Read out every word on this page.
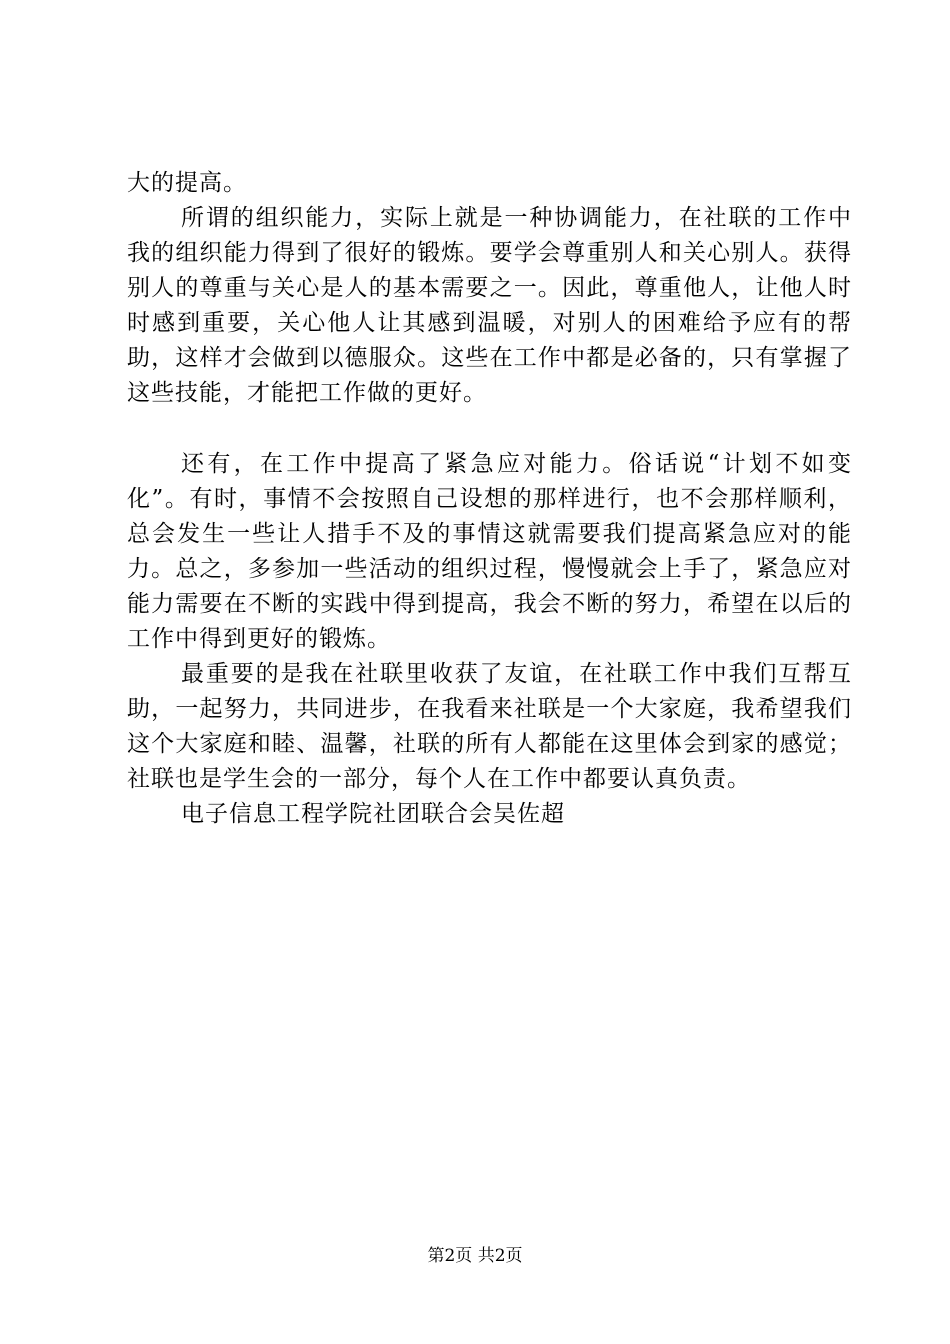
大的提高。

所谓的组织能力，实际上就是一种协调能力，在社联的工作中我的组织能力得到了很好的锻炼。要学会尊重别人和关心别人。获得别人的尊重与关心是人的基本需要之一。因此，尊重他人，让他人时时感到重要，关心他人让其感到温暖，对别人的困难给予应有的帮助，这样才会做到以德服众。这些在工作中都是必备的，只有掌握了这些技能，才能把工作做的更好。

还有，在工作中提高了紧急应对能力。俗话说“计划不如变化”。有时，事情不会按照自己设想的那样进行，也不会那样顺利，总会发生一些让人措手不及的事情这就需要我们提高紧急应对的能力。总之，多参加一些活动的组织过程，慢慢就会上手了，紧急应对能力需要在不断的实践中得到提高，我会不断的努力，希望在以后的工作中得到更好的锻炼。

最重要的是我在社联里收获了友谊，在社联工作中我们互帮互助，一起努力，共同进步，在我看来社联是一个大家庭，我希望我们这个大家庭和睦、温馨，社联的所有人都能在这里体会到家的感觉；社联也是学生会的一部分，每个人在工作中都要认真负责。

电子信息工程学院社团联合会吴佐超

第2页 共2页
